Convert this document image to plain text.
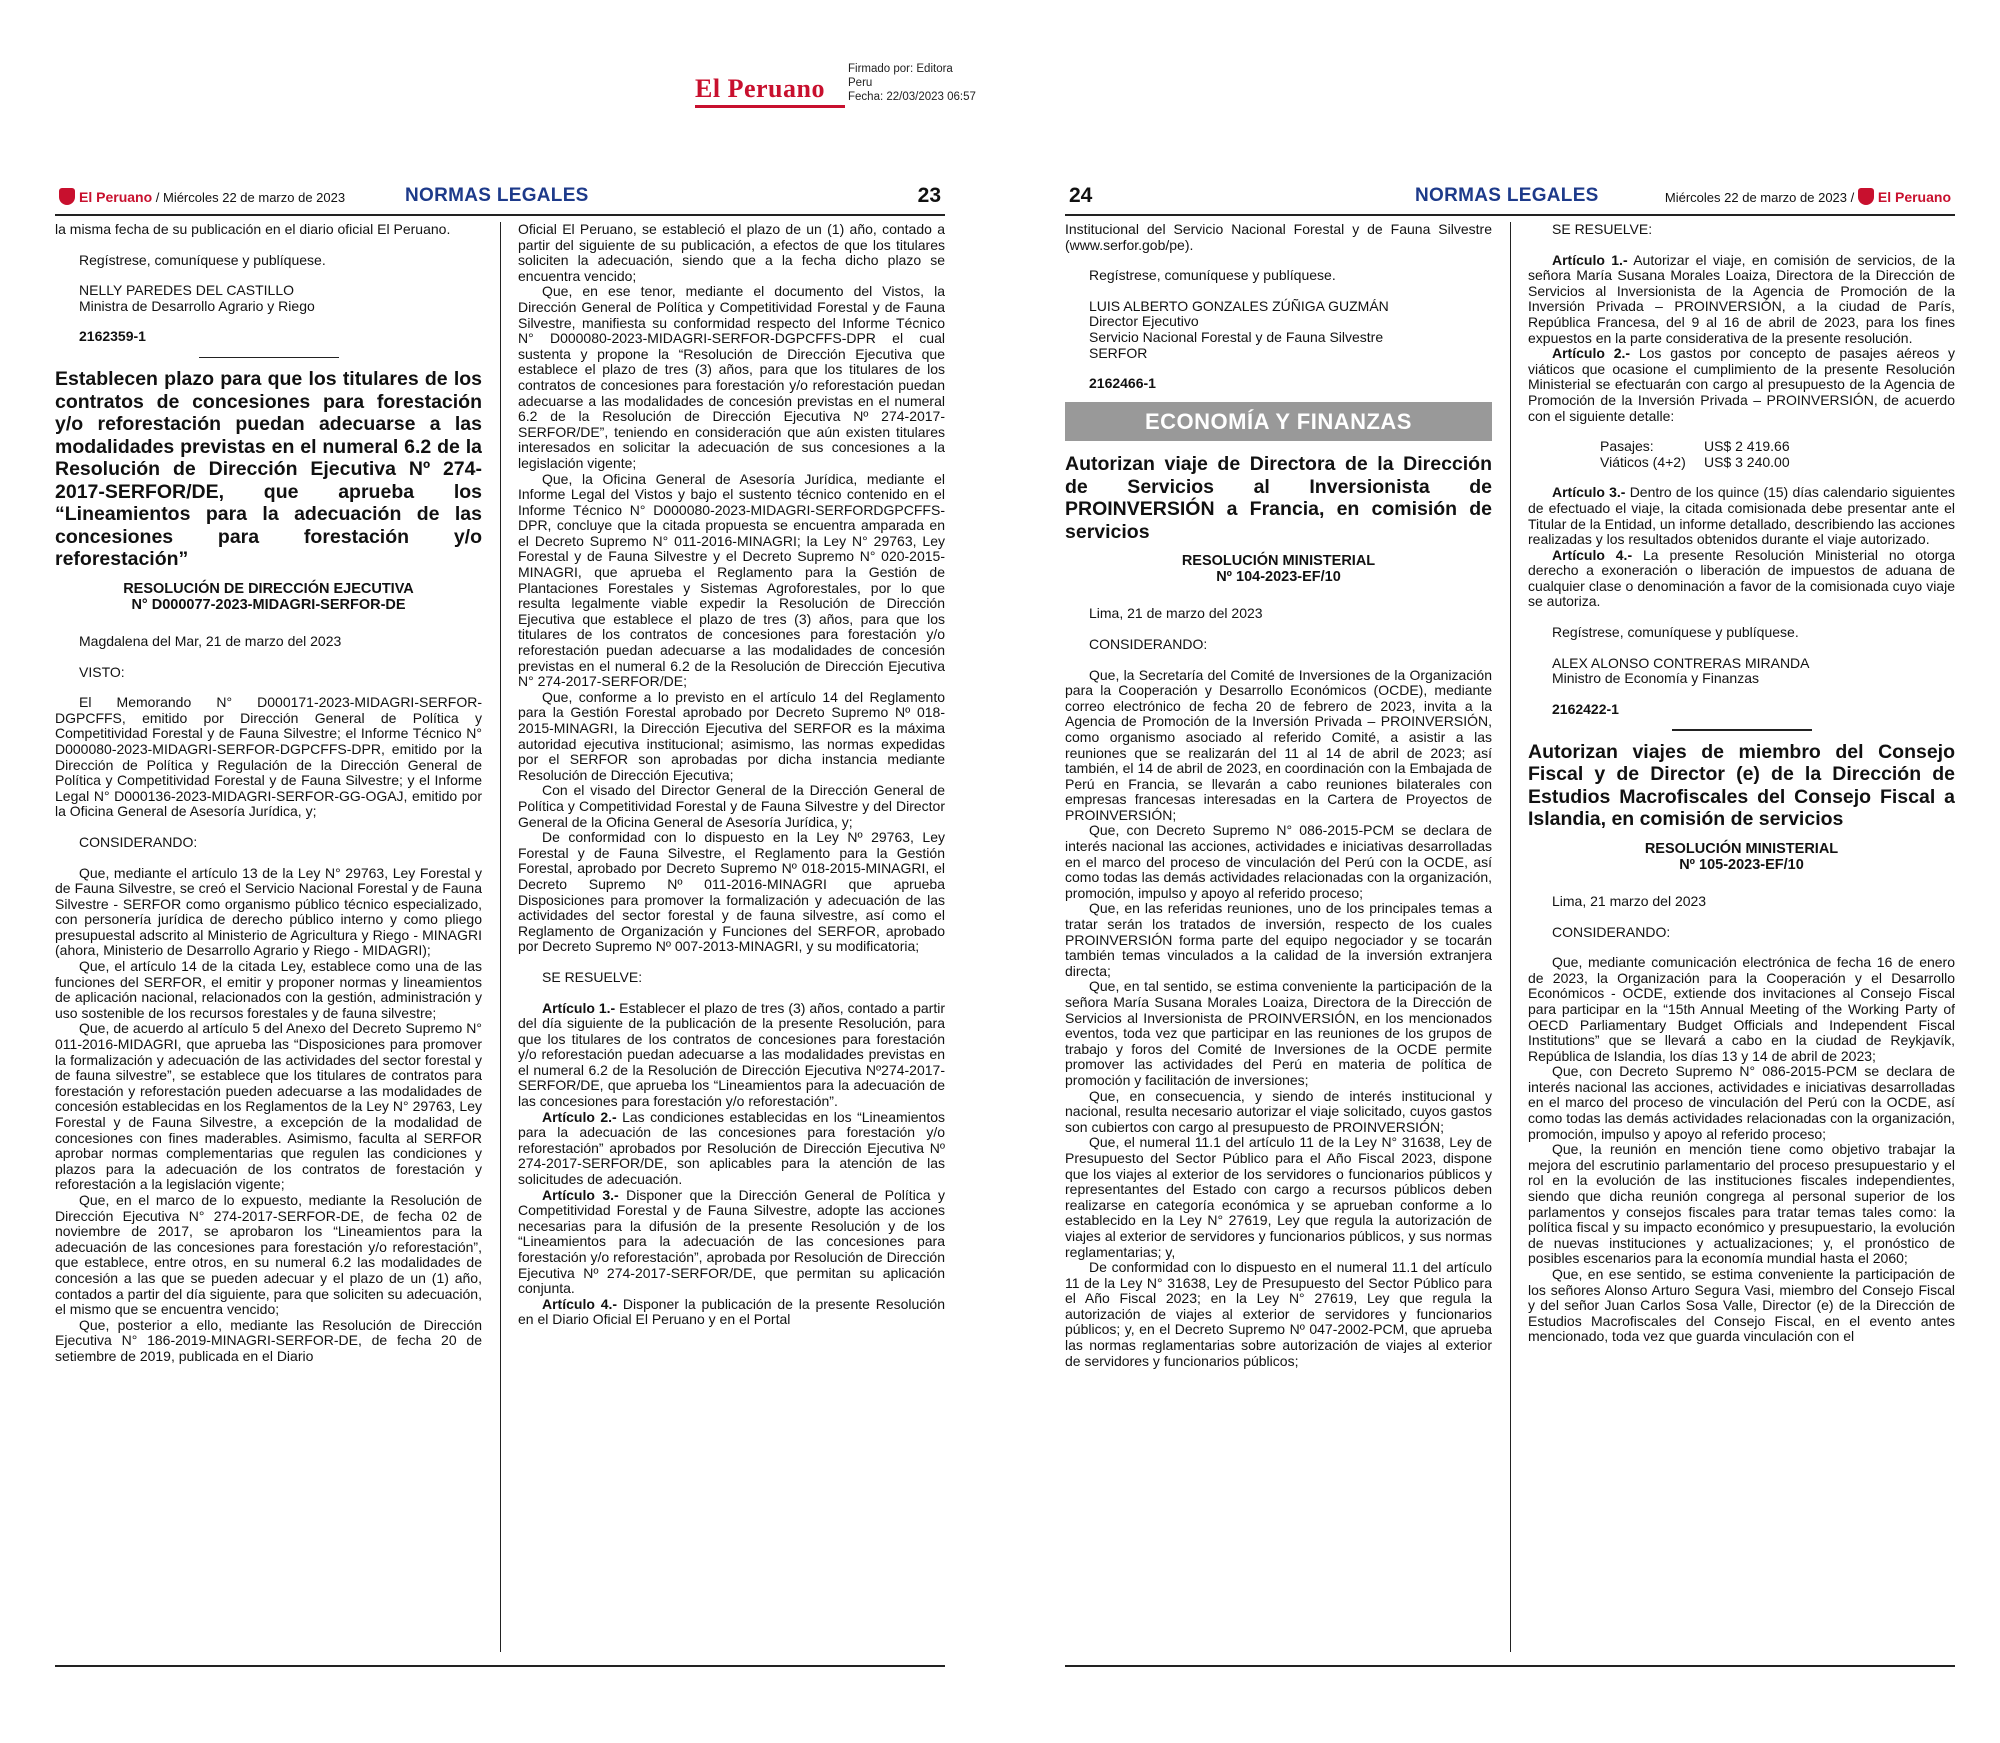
El Peruano
Firmado por: Editora
Peru
Fecha: 22/03/2023 06:57
El Peruano / Miércoles 22 de marzo de 2023	NORMAS LEGALES	23

la misma fecha de su publicación en el diario oficial El Peruano.

Regístrese, comuníquese y publíquese.

NELLY PAREDES DEL CASTILLO

Ministra de Desarrollo Agrario y Riego

2162359-1

Establecen plazo para que los titulares de los contratos de concesiones para forestación y/o reforestación puedan adecuarse a las modalidades previstas en el numeral 6.2 de la Resolución de Dirección Ejecutiva Nº 274-2017-SERFOR/DE, que aprueba los “Lineamientos para la adecuación de las concesiones para forestación y/o reforestación”
RESOLUCIÓN DE DIRECCIÓN EJECUTIVA
N° D000077-2023-MIDAGRI-SERFOR-DE

Magdalena del Mar, 21 de marzo del 2023

VISTO:

El Memorando N° D000171-2023-MIDAGRI-SERFOR-DGPCFFS, emitido por Dirección General de Política y Competitividad Forestal y de Fauna Silvestre; el Informe Técnico N° D000080-2023-MIDAGRI-SERFOR-DGPCFFS-DPR, emitido por la Dirección de Política y Regulación de la Dirección General de Política y Competitividad Forestal y de Fauna Silvestre; y el Informe Legal N° D000136-2023-MIDAGRI-SERFOR-GG-OGAJ, emitido por la Oficina General de Asesoría Jurídica, y;

CONSIDERANDO:

Que, mediante el artículo 13 de la Ley N° 29763, Ley Forestal y de Fauna Silvestre, se creó el Servicio Nacional Forestal y de Fauna Silvestre - SERFOR como organismo público técnico especializado, con personería jurídica de derecho público interno y como pliego presupuestal adscrito al Ministerio de Agricultura y Riego - MINAGRI (ahora, Ministerio de Desarrollo Agrario y Riego - MIDAGRI);

Que, el artículo 14 de la citada Ley, establece como una de las funciones del SERFOR, el emitir y proponer normas y lineamientos de aplicación nacional, relacionados con la gestión, administración y uso sostenible de los recursos forestales y de fauna silvestre;

Que, de acuerdo al artículo 5 del Anexo del Decreto Supremo N° 011-2016-MIDAGRI, que aprueba las “Disposiciones para promover la formalización y adecuación de las actividades del sector forestal y de fauna silvestre”, se establece que los titulares de contratos para forestación y reforestación pueden adecuarse a las modalidades de concesión establecidas en los Reglamentos de la Ley N° 29763, Ley Forestal y de Fauna Silvestre, a excepción de la modalidad de concesiones con fines maderables. Asimismo, faculta al SERFOR aprobar normas complementarias que regulen las condiciones y plazos para la adecuación de los contratos de forestación y reforestación a la legislación vigente;

Que, en el marco de lo expuesto, mediante la Resolución de Dirección Ejecutiva N° 274-2017-SERFOR-DE, de fecha 02 de noviembre de 2017, se aprobaron los “Lineamientos para la adecuación de las concesiones para forestación y/o reforestación”, que establece, entre otros, en su numeral 6.2 las modalidades de concesión a las que se pueden adecuar y el plazo de un (1) año, contados a partir del día siguiente, para que soliciten su adecuación, el mismo que se encuentra vencido;

Que, posterior a ello, mediante las Resolución de Dirección Ejecutiva N° 186-2019-MINAGRI-SERFOR-DE, de fecha 20 de setiembre de 2019, publicada en el Diario

Oficial El Peruano, se estableció el plazo de un (1) año, contado a partir del siguiente de su publicación, a efectos de que los titulares soliciten la adecuación, siendo que a la fecha dicho plazo se encuentra vencido;

Que, en ese tenor, mediante el documento del Vistos, la Dirección General de Política y Competitividad Forestal y de Fauna Silvestre, manifiesta su conformidad respecto del Informe Técnico N° D000080-2023-MIDAGRI-SERFOR-DGPCFFS-DPR el cual sustenta y propone la “Resolución de Dirección Ejecutiva que establece el plazo de tres (3) años, para que los titulares de los contratos de concesiones para forestación y/o reforestación puedan adecuarse a las modalidades de concesión previstas en el numeral 6.2 de la Resolución de Dirección Ejecutiva Nº 274-2017-SERFOR/DE”, teniendo en consideración que aún existen titulares interesados en solicitar la adecuación de sus concesiones a la legislación vigente;

Que, la Oficina General de Asesoría Jurídica, mediante el Informe Legal del Vistos y bajo el sustento técnico contenido en el Informe Técnico N° D000080-2023-MIDAGRI-SERFORDGPCFFS-DPR, concluye que la citada propuesta se encuentra amparada en el Decreto Supremo N° 011-2016-MINAGRI; la Ley N° 29763, Ley Forestal y de Fauna Silvestre y el Decreto Supremo N° 020-2015-MINAGRI, que aprueba el Reglamento para la Gestión de Plantaciones Forestales y Sistemas Agroforestales, por lo que resulta legalmente viable expedir la Resolución de Dirección Ejecutiva que establece el plazo de tres (3) años, para que los titulares de los contratos de concesiones para forestación y/o reforestación puedan adecuarse a las modalidades de concesión previstas en el numeral 6.2 de la Resolución de Dirección Ejecutiva N° 274-2017-SERFOR/DE;

Que, conforme a lo previsto en el artículo 14 del Reglamento para la Gestión Forestal aprobado por Decreto Supremo Nº 018-2015-MINAGRI, la Dirección Ejecutiva del SERFOR es la máxima autoridad ejecutiva institucional; asimismo, las normas expedidas por el SERFOR son aprobadas por dicha instancia mediante Resolución de Dirección Ejecutiva;

Con el visado del Director General de la Dirección General de Política y Competitividad Forestal y de Fauna Silvestre y del Director General de la Oficina General de Asesoría Jurídica, y;

De conformidad con lo dispuesto en la Ley Nº 29763, Ley Forestal y de Fauna Silvestre, el Reglamento para la Gestión Forestal, aprobado por Decreto Supremo Nº 018-2015-MINAGRI, el Decreto Supremo Nº 011-2016-MINAGRI que aprueba Disposiciones para promover la formalización y adecuación de las actividades del sector forestal y de fauna silvestre, así como el Reglamento de Organización y Funciones del SERFOR, aprobado por Decreto Supremo Nº 007-2013-MINAGRI, y su modificatoria;

SE RESUELVE:

Artículo 1.- Establecer el plazo de tres (3) años, contado a partir del día siguiente de la publicación de la presente Resolución, para que los titulares de los contratos de concesiones para forestación y/o reforestación puedan adecuarse a las modalidades previstas en el numeral 6.2 de la Resolución de Dirección Ejecutiva Nº274-2017-SERFOR/DE, que aprueba los “Lineamientos para la adecuación de las concesiones para forestación y/o reforestación”.

Artículo 2.- Las condiciones establecidas en los “Lineamientos para la adecuación de las concesiones para forestación y/o reforestación” aprobados por Resolución de Dirección Ejecutiva Nº 274-2017-SERFOR/DE, son aplicables para la atención de las solicitudes de adecuación.

Artículo 3.- Disponer que la Dirección General de Política y Competitividad Forestal y de Fauna Silvestre, adopte las acciones necesarias para la difusión de la presente Resolución y de los “Lineamientos para la adecuación de las concesiones para forestación y/o reforestación”, aprobada por Resolución de Dirección Ejecutiva Nº 274-2017-SERFOR/DE, que permitan su aplicación conjunta.

Artículo 4.- Disponer la publicación de la presente Resolución en el Diario Oficial El Peruano y en el Portal

24	NORMAS LEGALES	Miércoles 22 de marzo de 2023 / El Peruano

Institucional del Servicio Nacional Forestal y de Fauna Silvestre (www.serfor.gob/pe).

Regístrese, comuníquese y publíquese.

LUIS ALBERTO GONZALES ZÚÑIGA GUZMÁN

Director Ejecutivo

Servicio Nacional Forestal y de Fauna Silvestre

SERFOR

2162466-1

ECONOMÍA Y FINANZAS
Autorizan viaje de Directora de la Dirección de Servicios al Inversionista de PROINVERSIÓN a Francia, en comisión de servicios
RESOLUCIÓN MINISTERIAL
Nº 104-2023-EF/10

Lima, 21 de marzo del 2023

CONSIDERANDO:

Que, la Secretaría del Comité de Inversiones de la Organización para la Cooperación y Desarrollo Económicos (OCDE), mediante correo electrónico de fecha 20 de febrero de 2023, invita a la Agencia de Promoción de la Inversión Privada – PROINVERSIÓN, como organismo asociado al referido Comité, a asistir a las reuniones que se realizarán del 11 al 14 de abril de 2023; así también, el 14 de abril de 2023, en coordinación con la Embajada de Perú en Francia, se llevarán a cabo reuniones bilaterales con empresas francesas interesadas en la Cartera de Proyectos de PROINVERSIÓN;

Que, con Decreto Supremo N° 086-2015-PCM se declara de interés nacional las acciones, actividades e iniciativas desarrolladas en el marco del proceso de vinculación del Perú con la OCDE, así como todas las demás actividades relacionadas con la organización, promoción, impulso y apoyo al referido proceso;

Que, en las referidas reuniones, uno de los principales temas a tratar serán los tratados de inversión, respecto de los cuales PROINVERSIÓN forma parte del equipo negociador y se tocarán también temas vinculados a la calidad de la inversión extranjera directa;

Que, en tal sentido, se estima conveniente la participación de la señora María Susana Morales Loaiza, Directora de la Dirección de Servicios al Inversionista de PROINVERSIÓN, en los mencionados eventos, toda vez que participar en las reuniones de los grupos de trabajo y foros del Comité de Inversiones de la OCDE permite promover las actividades del Perú en materia de política de promoción y facilitación de inversiones;

Que, en consecuencia, y siendo de interés institucional y nacional, resulta necesario autorizar el viaje solicitado, cuyos gastos son cubiertos con cargo al presupuesto de PROINVERSIÓN;

Que, el numeral 11.1 del artículo 11 de la Ley N° 31638, Ley de Presupuesto del Sector Público para el Año Fiscal 2023, dispone que los viajes al exterior de los servidores o funcionarios públicos y representantes del Estado con cargo a recursos públicos deben realizarse en categoría económica y se aprueban conforme a lo establecido en la Ley N° 27619, Ley que regula la autorización de viajes al exterior de servidores y funcionarios públicos, y sus normas reglamentarias; y,

De conformidad con lo dispuesto en el numeral 11.1 del artículo 11 de la Ley N° 31638, Ley de Presupuesto del Sector Público para el Año Fiscal 2023; en la Ley N° 27619, Ley que regula la autorización de viajes al exterior de servidores y funcionarios públicos; y, en el Decreto Supremo Nº 047-2002-PCM, que aprueba las normas reglamentarias sobre autorización de viajes al exterior de servidores y funcionarios públicos;

SE RESUELVE:

Artículo 1.- Autorizar el viaje, en comisión de servicios, de la señora María Susana Morales Loaiza, Directora de la Dirección de Servicios al Inversionista de la Agencia de Promoción de la Inversión Privada – PROINVERSIÓN, a la ciudad de París, República Francesa, del 9 al 16 de abril de 2023, para los fines expuestos en la parte considerativa de la presente resolución.

Artículo 2.- Los gastos por concepto de pasajes aéreos y viáticos que ocasione el cumplimiento de la presente Resolución Ministerial se efectuarán con cargo al presupuesto de la Agencia de Promoción de la Inversión Privada – PROINVERSIÓN, de acuerdo con el siguiente detalle:

Pasajes:	US$ 2 419.66

Viáticos (4+2) US$ 3 240.00

Artículo 3.- Dentro de los quince (15) días calendario siguientes de efectuado el viaje, la citada comisionada debe presentar ante el Titular de la Entidad, un informe detallado, describiendo las acciones realizadas y los resultados obtenidos durante el viaje autorizado.

Artículo 4.- La presente Resolución Ministerial no otorga derecho a exoneración o liberación de impuestos de aduana de cualquier clase o denominación a favor de la comisionada cuyo viaje se autoriza.

Regístrese, comuníquese y publíquese.

ALEX ALONSO CONTRERAS MIRANDA

Ministro de Economía y Finanzas

2162422-1

Autorizan viajes de miembro del Consejo Fiscal y de Director (e) de la Dirección de Estudios Macrofiscales del Consejo Fiscal a Islandia, en comisión de servicios
RESOLUCIÓN MINISTERIAL
Nº 105-2023-EF/10

Lima, 21 marzo del 2023

CONSIDERANDO:

Que, mediante comunicación electrónica de fecha 16 de enero de 2023, la Organización para la Cooperación y el Desarrollo Económicos - OCDE, extiende dos invitaciones al Consejo Fiscal para participar en la “15th Annual Meeting of the Working Party of OECD Parliamentary Budget Officials and Independent Fiscal Institutions” que se llevará a cabo en la ciudad de Reykjavík, República de Islandia, los días 13 y 14 de abril de 2023;

Que, con Decreto Supremo N° 086-2015-PCM se declara de interés nacional las acciones, actividades e iniciativas desarrolladas en el marco del proceso de vinculación del Perú con la OCDE, así como todas las demás actividades relacionadas con la organización, promoción, impulso y apoyo al referido proceso;

Que, la reunión en mención tiene como objetivo trabajar la mejora del escrutinio parlamentario del proceso presupuestario y el rol en la evolución de las instituciones fiscales independientes, siendo que dicha reunión congrega al personal superior de los parlamentos y consejos fiscales para tratar temas tales como: la política fiscal y su impacto económico y presupuestario, la evolución de nuevas instituciones y actualizaciones; y, el pronóstico de posibles escenarios para la economía mundial hasta el 2060;

Que, en ese sentido, se estima conveniente la participación de los señores Alonso Arturo Segura Vasi, miembro del Consejo Fiscal y del señor Juan Carlos Sosa Valle, Director (e) de la Dirección de Estudios Macrofiscales del Consejo Fiscal, en el evento antes mencionado, toda vez que guarda vinculación con el
